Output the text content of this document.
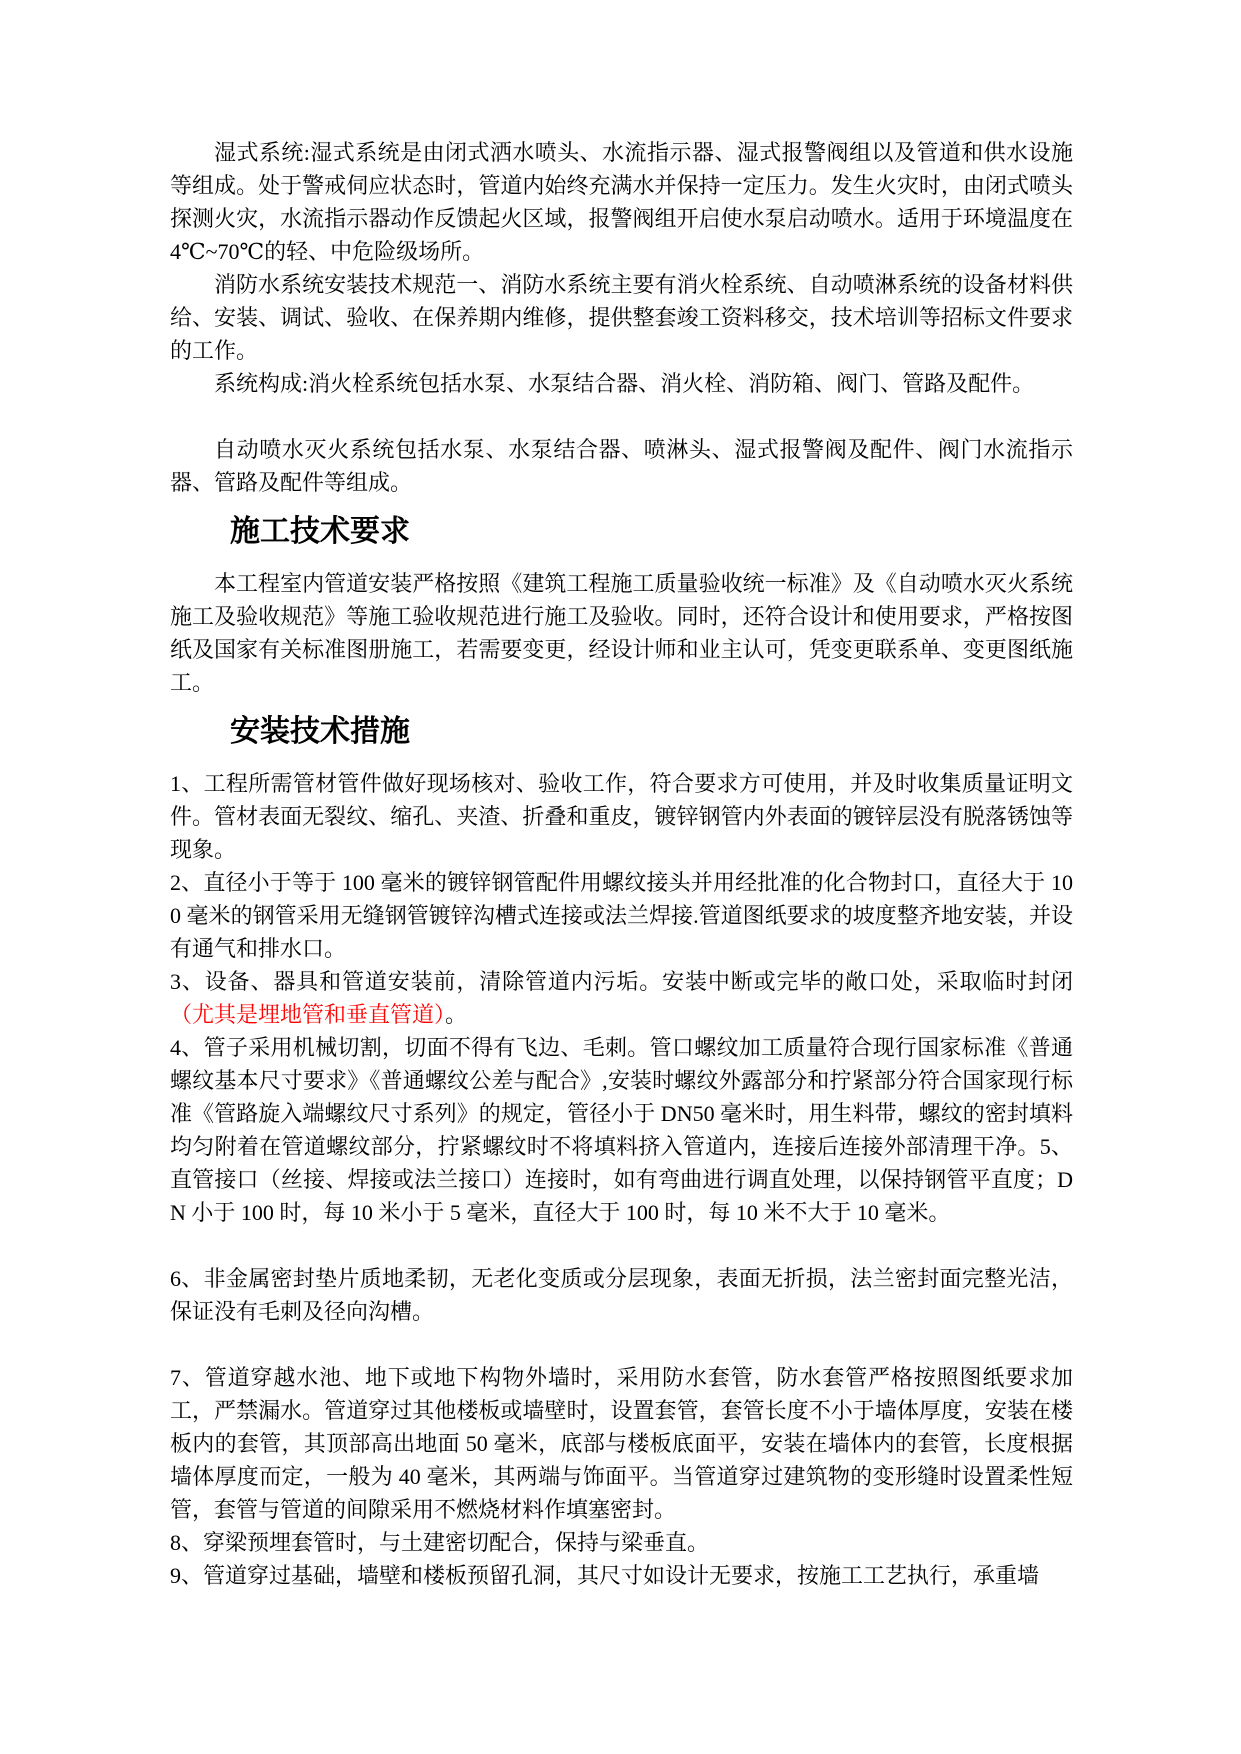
湿式系统:湿式系统是由闭式洒水喷头、水流指示器、湿式报警阀组以及管道和供水设施等组成。处于警戒伺应状态时，管道内始终充满水并保持一定压力。发生火灾时，由闭式喷头探测火灾，水流指示器动作反馈起火区域，报警阀组开启使水泵启动喷水。适用于环境温度在 4℃~70℃的轻、中危险级场所。

消防水系统安装技术规范一、消防水系统主要有消火栓系统、自动喷淋系统的设备材料供给、安装、调试、验收、在保养期内维修，提供整套竣工资料移交，技术培训等招标文件要求的工作。

系统构成:消火栓系统包括水泵、水泵结合器、消火栓、消防箱、阀门、管路及配件。

自动喷水灭火系统包括水泵、水泵结合器、喷淋头、湿式报警阀及配件、阀门水流指示器、管路及配件等组成。

施工技术要求

本工程室内管道安装严格按照《建筑工程施工质量验收统一标准》及《自动喷水灭火系统施工及验收规范》等施工验收规范进行施工及验收。同时，还符合设计和使用要求，严格按图纸及国家有关标准图册施工，若需要变更，经设计师和业主认可，凭变更联系单、变更图纸施工。

安装技术措施

1、工程所需管材管件做好现场核对、验收工作，符合要求方可使用，并及时收集质量证明文件。管材表面无裂纹、缩孔、夹渣、折叠和重皮，镀锌钢管内外表面的镀锌层没有脱落锈蚀等现象。

2、直径小于等于 100 毫米的镀锌钢管配件用螺纹接头并用经批准的化合物封口，直径大于 100 毫米的钢管采用无缝钢管镀锌沟槽式连接或法兰焊接.管道图纸要求的坡度整齐地安装，并设有通气和排水口。

3、设备、器具和管道安装前，清除管道内污垢。安装中断或完毕的敞口处，采取临时封闭（尤其是埋地管和垂直管道）。

4、管子采用机械切割，切面不得有飞边、毛刺。管口螺纹加工质量符合现行国家标准《普通螺纹基本尺寸要求》《普通螺纹公差与配合》,安装时螺纹外露部分和拧紧部分符合国家现行标准《管路旋入端螺纹尺寸系列》的规定，管径小于 DN50 毫米时，用生料带，螺纹的密封填料均匀附着在管道螺纹部分，拧紧螺纹时不将填料挤入管道内，连接后连接外部清理干净。5、直管接口（丝接、焊接或法兰接口）连接时，如有弯曲进行调直处理，以保持钢管平直度；DN 小于 100 时，每 10 米小于 5 毫米，直径大于 100 时，每 10 米不大于 10 毫米。

6、非金属密封垫片质地柔韧，无老化变质或分层现象，表面无折损，法兰密封面完整光洁，保证没有毛刺及径向沟槽。

7、管道穿越水池、地下或地下构物外墙时，采用防水套管，防水套管严格按照图纸要求加工，严禁漏水。管道穿过其他楼板或墙壁时，设置套管，套管长度不小于墙体厚度，安装在楼板内的套管，其顶部高出地面 50 毫米，底部与楼板底面平，安装在墙体内的套管，长度根据墙体厚度而定，一般为 40 毫米，其两端与饰面平。当管道穿过建筑物的变形缝时设置柔性短管，套管与管道的间隙采用不燃烧材料作填塞密封。

8、穿梁预埋套管时，与土建密切配合，保持与梁垂直。

9、管道穿过基础，墙壁和楼板预留孔洞，其尺寸如设计无要求，按施工工艺执行，承重墙
